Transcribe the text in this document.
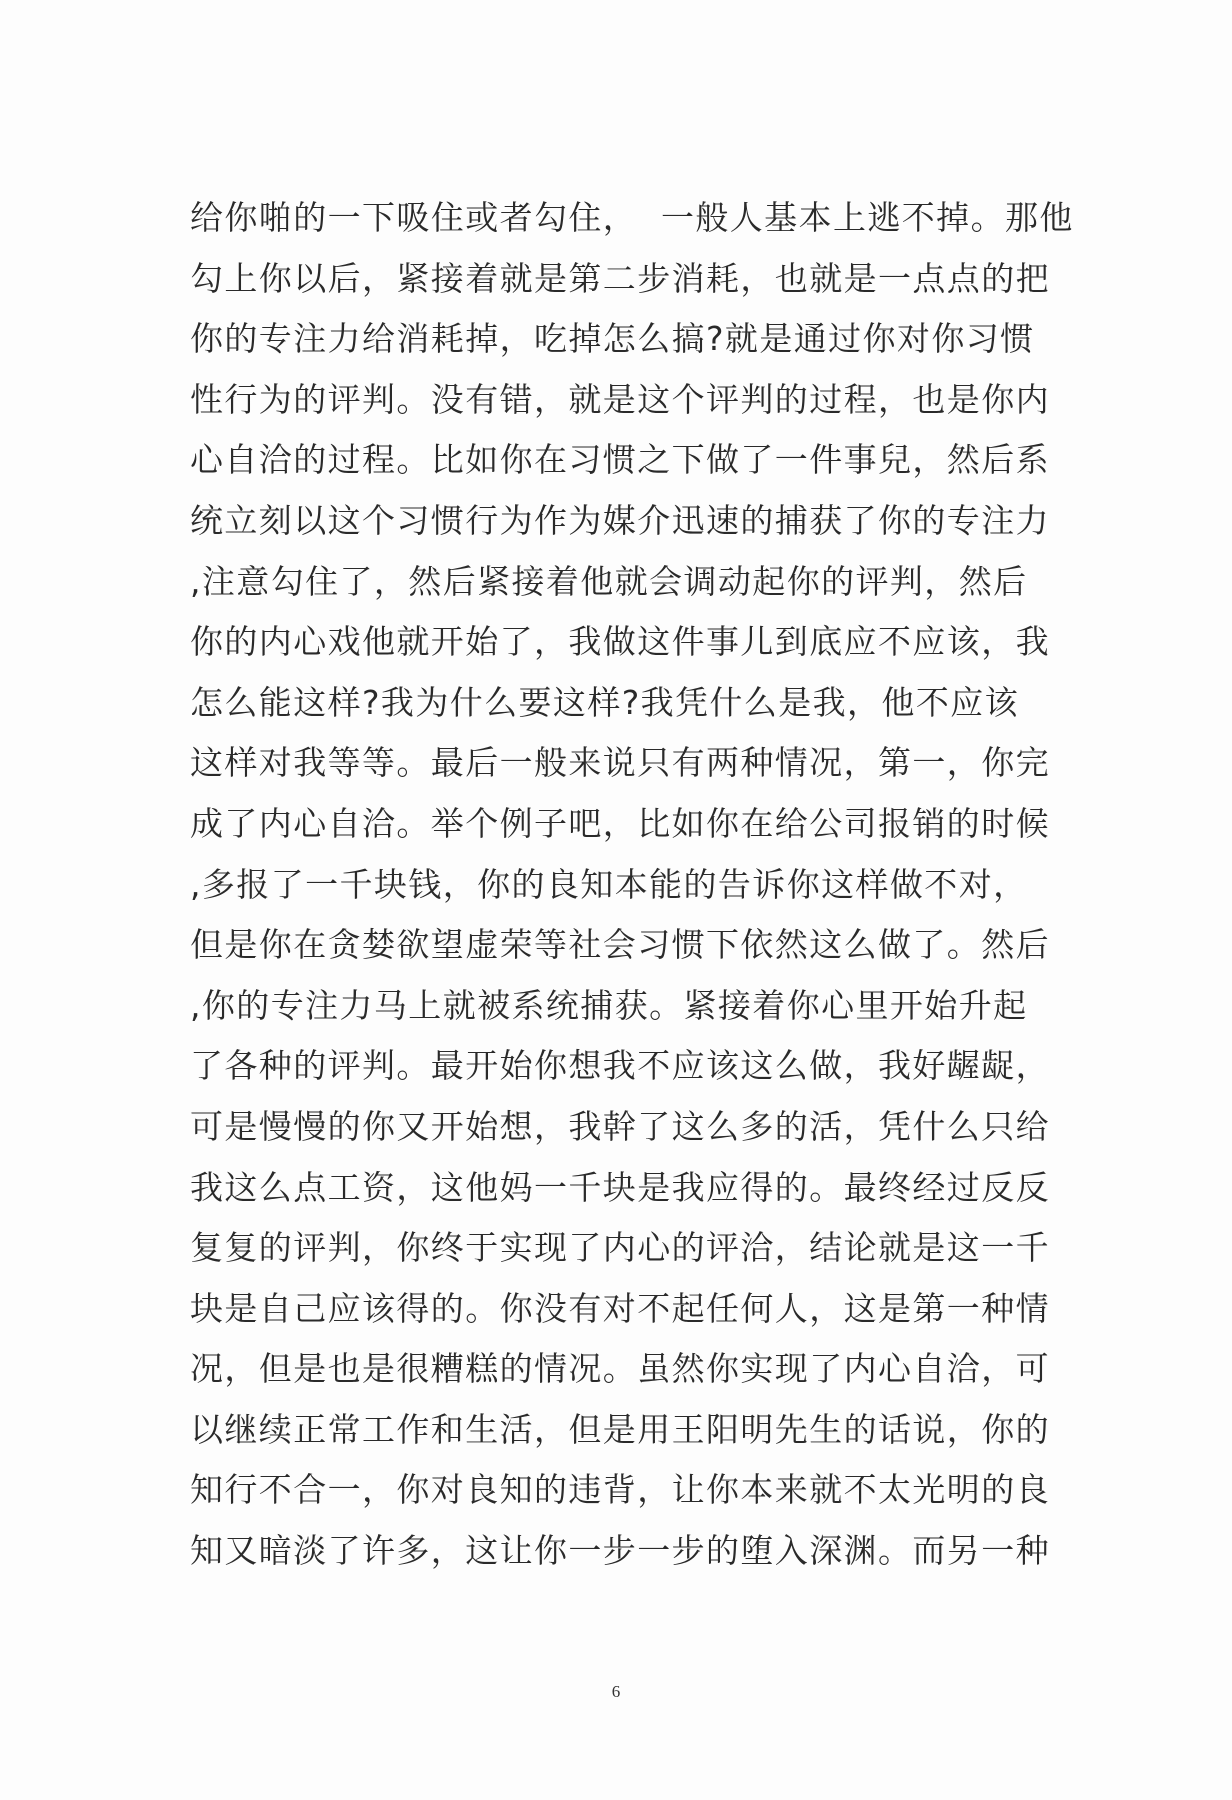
给你啪的一下吸住或者勾住，  一般人基本上逃不掉。那他
勾上你以后，紧接着就是第二步消耗，也就是一点点的把
你的专注力给消耗掉，吃掉怎么搞?就是通过你对你习惯
性行为的评判。没有错，就是这个评判的过程，也是你内
心自洽的过程。比如你在习惯之下做了一件事兒，然后系
统立刻以这个习惯行为作为媒介迅速的捕获了你的专注力
,注意勾住了，然后紧接着他就会调动起你的评判，然后
你的内心戏他就开始了，我做这件事儿到底应不应该，我
怎么能这样?我为什么要这样?我凭什么是我，他不应该
这样对我等等。最后一般来说只有两种情况，第一，你完
成了内心自洽。举个例子吧，比如你在给公司报销的时候
,多报了一千块钱，你的良知本能的告诉你这样做不对，
但是你在贪婪欲望虚荣等社会习惯下依然这么做了。然后
,你的专注力马上就被系统捕获。紧接着你心里开始升起
了各种的评判。最开始你想我不应该这么做，我好龌龊，
可是慢慢的你又开始想，我幹了这么多的活，凭什么只给
我这么点工资，这他妈一千块是我应得的。最终经过反反
复复的评判，你终于实现了内心的评洽，结论就是这一千
块是自己应该得的。你没有对不起任何人，这是第一种情
况，但是也是很糟糕的情况。虽然你实现了内心自洽，可
以继续正常工作和生活，但是用王阳明先生的话说，你的
知行不合一，你对良知的违背，让你本来就不太光明的良
知又暗淡了许多，这让你一步一步的堕入深渊。而另一种
6
